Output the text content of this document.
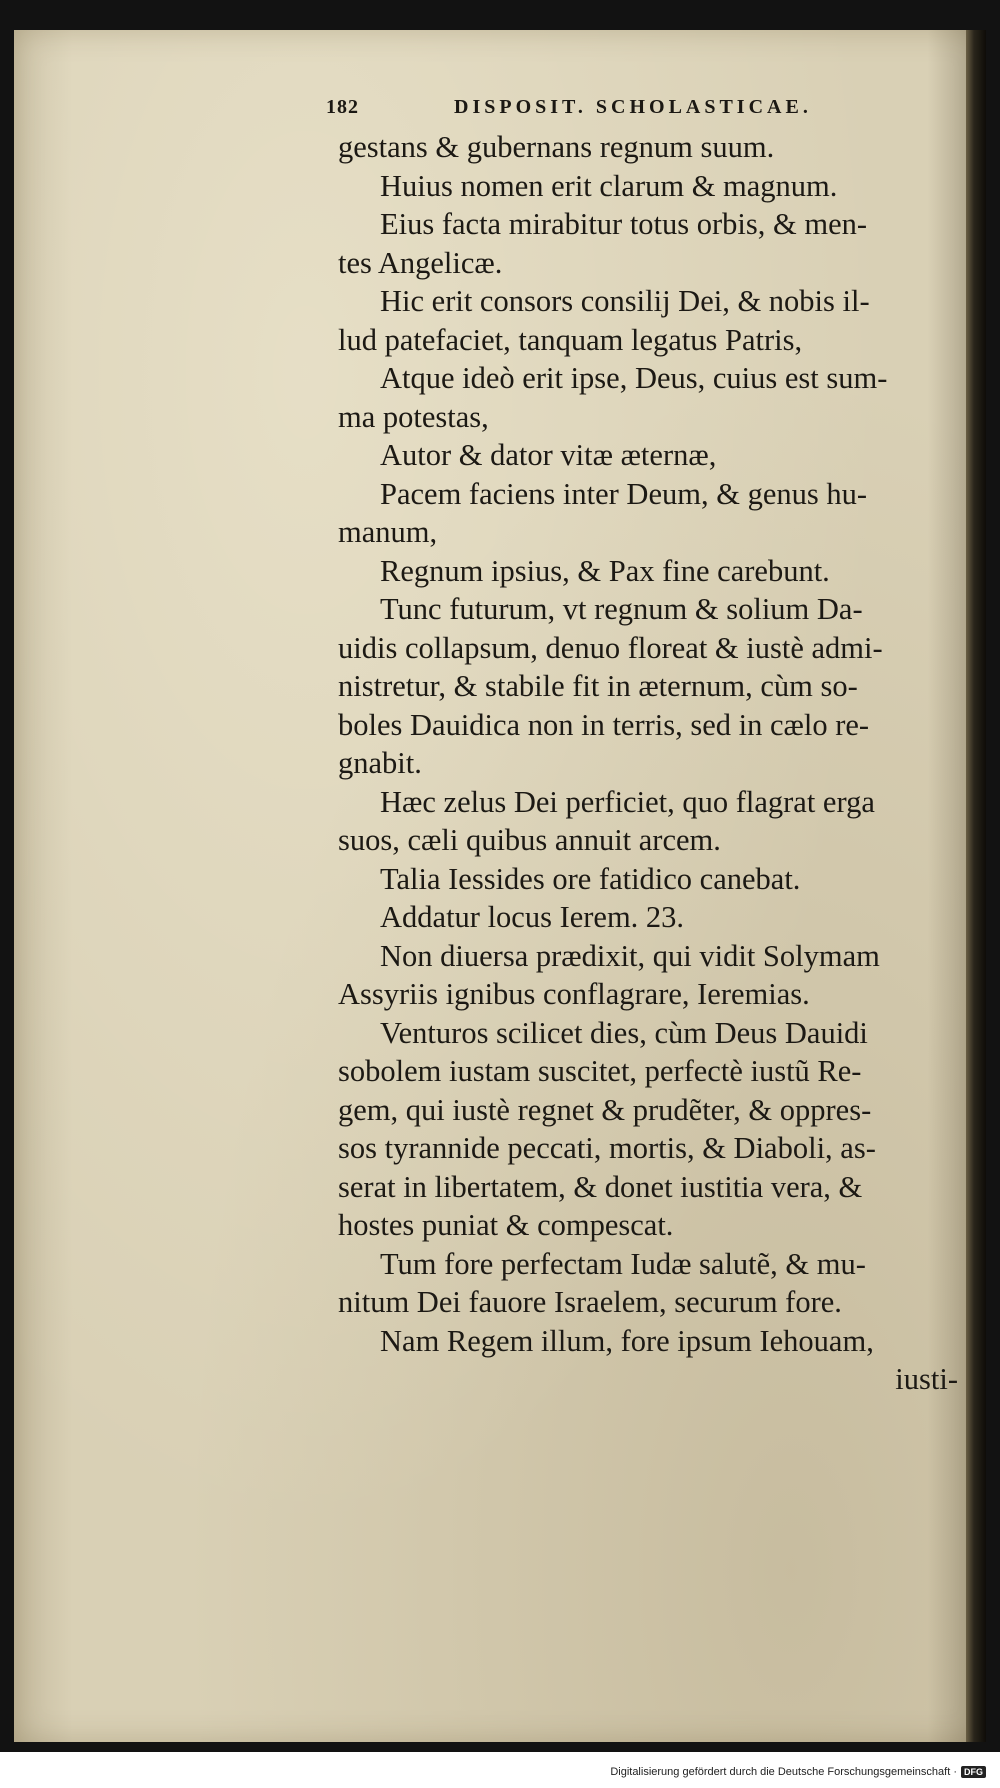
182	DISPOSIT. SCHOLASTICAE.
gestans & gubernans regnum suum.
Huius nomen erit clarum & magnum.
Eius facta mirabitur totus orbis, & men-
tes Angelicæ.
Hic erit consors consilij Dei, & nobis il-
lud patefaciet, tanquam legatus Patris,
Atque ideò erit ipse, Deus, cuius est sum-
ma potestas,
Autor & dator vitæ æternæ,
Pacem faciens inter Deum, & genus hu-
manum,
Regnum ipsius, & Pax fine carebunt.
Tunc futurum, vt regnum & solium Da-
uidis collapsum, denuo floreat & iustè admi-
nistretur, & stabile fit in æternum, cùm so-
boles Dauidica non in terris, sed in cælo re-
gnabit.
Hæc zelus Dei perficiet, quo flagrat erga
suos, cæli quibus annuit arcem.
Talia Iessides ore fatidico canebat.
Addatur locus Ierem. 23.
Non diuersa prædixit, qui vidit Solymam
Assyriis ignibus conflagrare, Ieremias.
Venturos scilicet dies, cùm Deus Dauidi
sobolem iustam suscitet, perfectè iustũ Re-
gem, qui iustè regnet & prudẽter, & oppres-
sos tyrannide peccati, mortis, & Diaboli, as-
serat in libertatem, & donet iustitia vera, &
hostes puniat & compescat.
Tum fore perfectam Iudæ salutẽ, & mu-
nitum Dei fauore Israelem, securum fore.
Nam Regem illum, fore ipsum Iehouam,
iusti-
Digitalisierung gefördert durch die Deutsche Forschungsgemeinschaft · DFG
